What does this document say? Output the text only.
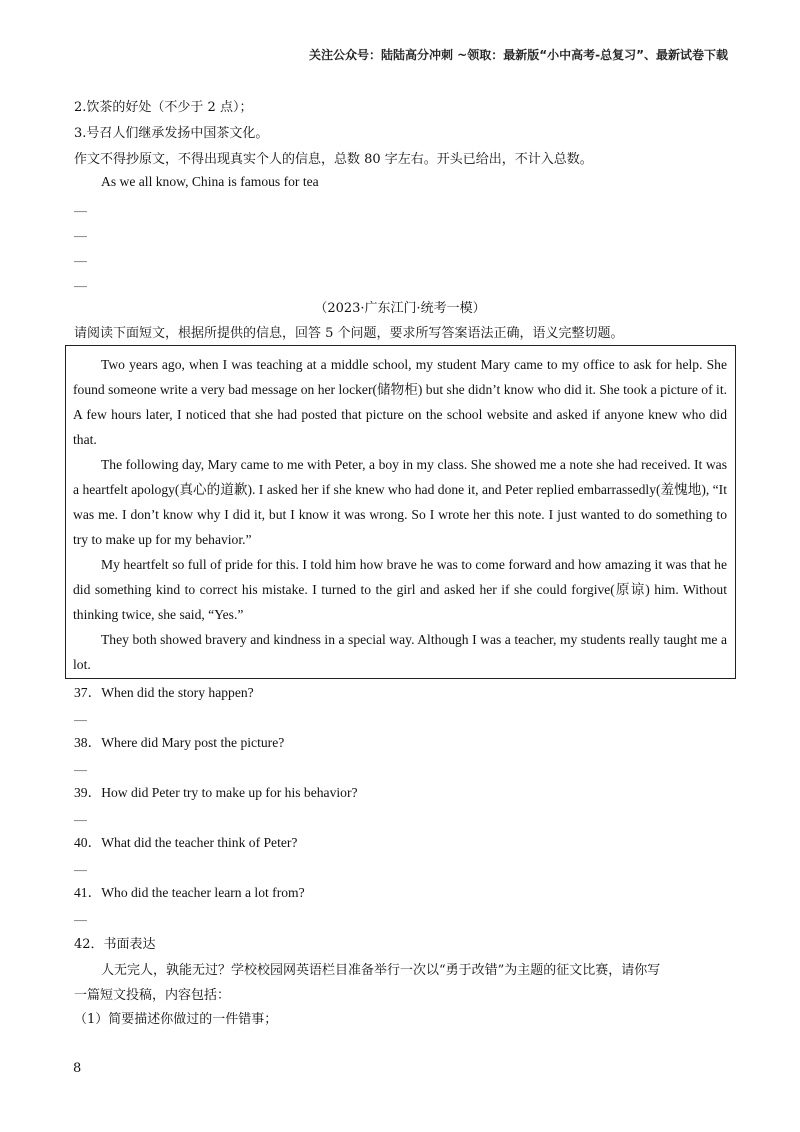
关注公众号：陆陆高分冲刺 ~领取：最新版“小中高考-总复习”、最新试卷下载
2.饮茶的好处（不少于 2 点）；
3.号召人们继承发扬中国茶文化。
作文不得抄原文，不得出现真实个人的信息，总数 80 字左右。开头已给出，不计入总数。
As we all know, China is famous for tea
__
__
__
__
（2023·广东江门·统考一模）
请阅读下面短文，根据所提供的信息，回答 5 个问题，要求所写答案语法正确，语义完整切题。

Two years ago, when I was teaching at a middle school, my student Mary came to my office to ask for help. She found someone write a very bad message on her locker(储物柜) but she didn’t know who did it. She took a picture of it. A few hours later, I noticed that she had posted that picture on the school website and asked if anyone knew who did that.

The following day, Mary came to me with Peter, a boy in my class. She showed me a note she had received. It was a heartfelt apology(真心的道歉). I asked her if she knew who had done it, and Peter replied embarrassedly(羞愧地), “It was me. I don’t know why I did it, but I know it was wrong. So I wrote her this note. I just wanted to do something to try to make up for my behavior.”

My heartfelt so full of pride for this. I told him how brave he was to come forward and how amazing it was that he did something kind to correct his mistake. I turned to the girl and asked her if she could forgive(原谅) him. Without thinking twice, she said, “Yes.”

They both showed bravery and kindness in a special way. Although I was a teacher, my students really taught me a lot.

37．When did the story happen?
__
38．Where did Mary post the picture?
__
39．How did Peter try to make up for his behavior?
__
40．What did the teacher think of Peter?
__
41．Who did the teacher learn a lot from?
__
42．书面表达
人无完人，孰能无过？学校校园网英语栏目准备举行一次以“勇于改错”为主题的征文比赛，请你写
一篇短文投稿，内容包括：
（1）简要描述你做过的一件错事；
8
